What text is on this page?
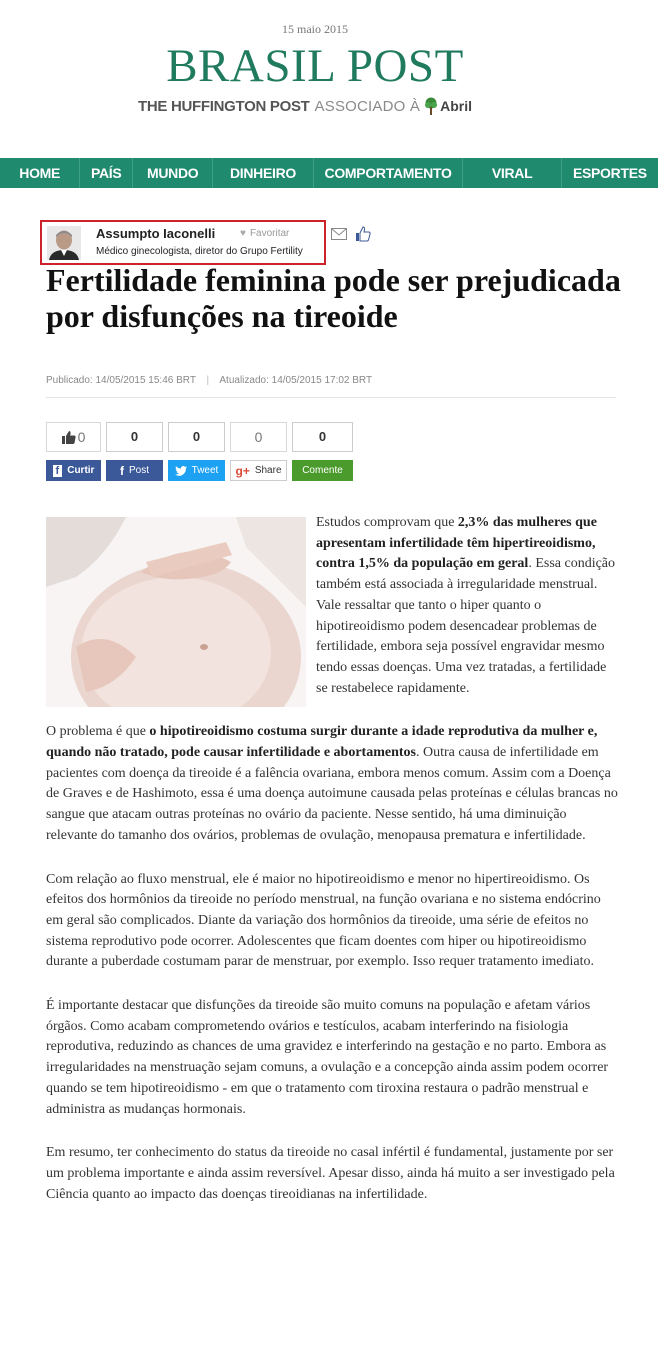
15 maio 2015
BRASIL POST
THE HUFFINGTON POST ASSOCIADO À Abril
HOME	PAÍS	MUNDO	DINHEIRO	COMPORTAMENTO	VIRAL	ESPORTES
Assumpto Iaconelli ♥ Favoritar
Médico ginecologista, diretor do Grupo Fertility
Fertilidade feminina pode ser prejudicada por disfunções na tireoide
Publicado: 14/05/2015 15:46 BRT | Atualizado: 14/05/2015 17:02 BRT
0	0	0	0	0
f Curtir f Post	Tweet g+ Share	Comente

Estudos comprovam que 2,3% das mulheres que apresentam infertilidade têm hipertireoidismo, contra 1,5% da população em geral. Essa condição também está associada à irregularidade menstrual. Vale ressaltar que tanto o hiper quanto o hipotireoidismo podem desencadear problemas de fertilidade, embora seja possível engravidar mesmo tendo essas doenças. Uma vez tratadas, a fertilidade se restabelece rapidamente.

O problema é que o hipotireoidismo costuma surgir durante a idade reprodutiva da mulher e, quando não tratado, pode causar infertilidade e abortamentos. Outra causa de infertilidade em pacientes com doença da tireoide é a falência ovariana, embora menos comum. Assim com a Doença de Graves e de Hashimoto, essa é uma doença autoimune causada pelas proteínas e células brancas no sangue que atacam outras proteínas no ovário da paciente. Nesse sentido, há uma diminuição relevante do tamanho dos ovários, problemas de ovulação, menopausa prematura e infertilidade.

Com relação ao fluxo menstrual, ele é maior no hipotireoidismo e menor no hipertireoidismo. Os efeitos dos hormônios da tireoide no período menstrual, na função ovariana e no sistema endócrino em geral são complicados. Diante da variação dos hormônios da tireoide, uma série de efeitos no sistema reprodutivo pode ocorrer. Adolescentes que ficam doentes com hiper ou hipotireoidismo durante a puberdade costumam parar de menstruar, por exemplo. Isso requer tratamento imediato.

É importante destacar que disfunções da tireoide são muito comuns na população e afetam vários órgãos. Como acabam comprometendo ovários e testículos, acabam interferindo na fisiologia reprodutiva, reduzindo as chances de uma gravidez e interferindo na gestação e no parto. Embora as irregularidades na menstruação sejam comuns, a ovulação e a concepção ainda assim podem ocorrer quando se tem hipotireoidismo - em que o tratamento com tiroxina restaura o padrão menstrual e administra as mudanças hormonais.

Em resumo, ter conhecimento do status da tireoide no casal infértil é fundamental, justamente por ser um problema importante e ainda assim reversível. Apesar disso, ainda há muito a ser investigado pela Ciência quanto ao impacto das doenças tireoidianas na infertilidade.
